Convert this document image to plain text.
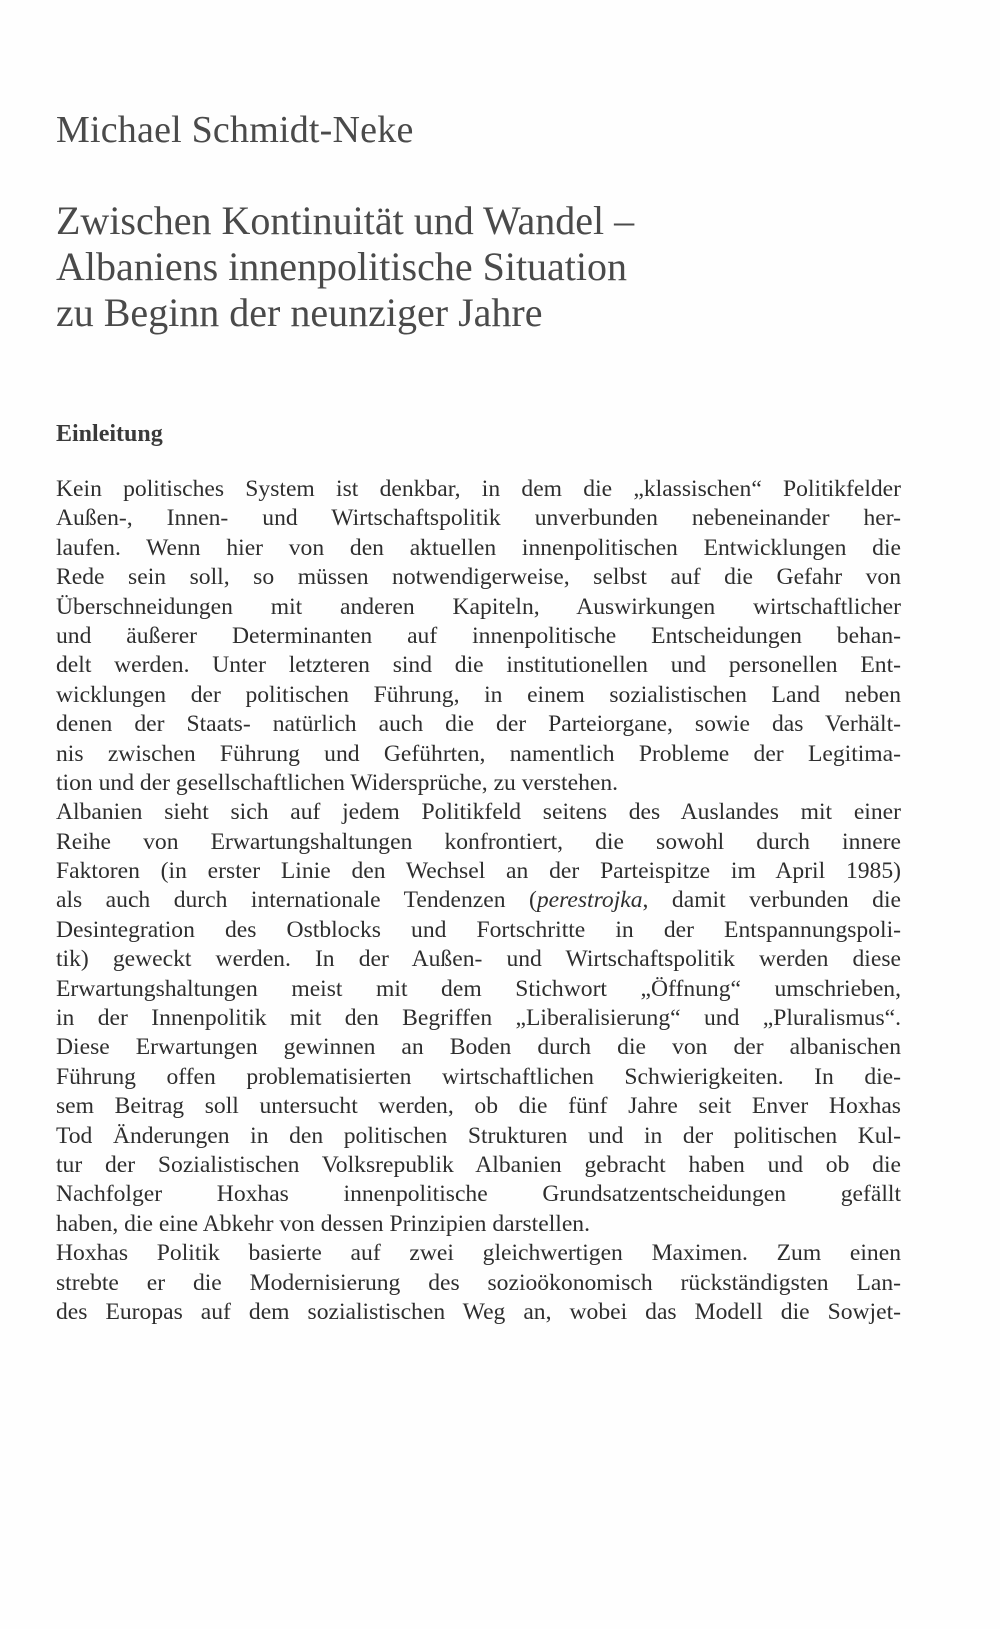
Michael Schmidt-Neke
Zwischen Kontinuität und Wandel –
Albaniens innenpolitische Situation
zu Beginn der neunziger Jahre
Einleitung
Kein politisches System ist denkbar, in dem die „klassischen“ Politikfelder
Außen-, Innen- und Wirtschaftspolitik unverbunden nebeneinander her-
laufen. Wenn hier von den aktuellen innenpolitischen Entwicklungen die
Rede sein soll, so müssen notwendigerweise, selbst auf die Gefahr von
Überschneidungen mit anderen Kapiteln, Auswirkungen wirtschaftlicher
und äußerer Determinanten auf innenpolitische Entscheidungen behan-
delt werden. Unter letzteren sind die institutionellen und personellen Ent-
wicklungen der politischen Führung, in einem sozialistischen Land neben
denen der Staats- natürlich auch die der Parteiorgane, sowie das Verhält-
nis zwischen Führung und Geführten, namentlich Probleme der Legitima-
tion und der gesellschaftlichen Widersprüche, zu verstehen.
Albanien sieht sich auf jedem Politikfeld seitens des Auslandes mit einer
Reihe von Erwartungshaltungen konfrontiert, die sowohl durch innere
Faktoren (in erster Linie den Wechsel an der Parteispitze im April 1985)
als auch durch internationale Tendenzen (perestrojka, damit verbunden die
Desintegration des Ostblocks und Fortschritte in der Entspannungspoli-
tik) geweckt werden. In der Außen- und Wirtschaftspolitik werden diese
Erwartungshaltungen meist mit dem Stichwort „Öffnung“ umschrieben,
in der Innenpolitik mit den Begriffen „Liberalisierung“ und „Pluralismus“.
Diese Erwartungen gewinnen an Boden durch die von der albanischen
Führung offen problematisierten wirtschaftlichen Schwierigkeiten. In die-
sem Beitrag soll untersucht werden, ob die fünf Jahre seit Enver Hoxhas
Tod Änderungen in den politischen Strukturen und in der politischen Kul-
tur der Sozialistischen Volksrepublik Albanien gebracht haben und ob die
Nachfolger Hoxhas innenpolitische Grundsatzentscheidungen gefällt
haben, die eine Abkehr von dessen Prinzipien darstellen.
Hoxhas Politik basierte auf zwei gleichwertigen Maximen. Zum einen
strebte er die Modernisierung des sozioökonomisch rückständigsten Lan-
des Europas auf dem sozialistischen Weg an, wobei das Modell die Sowjet-
